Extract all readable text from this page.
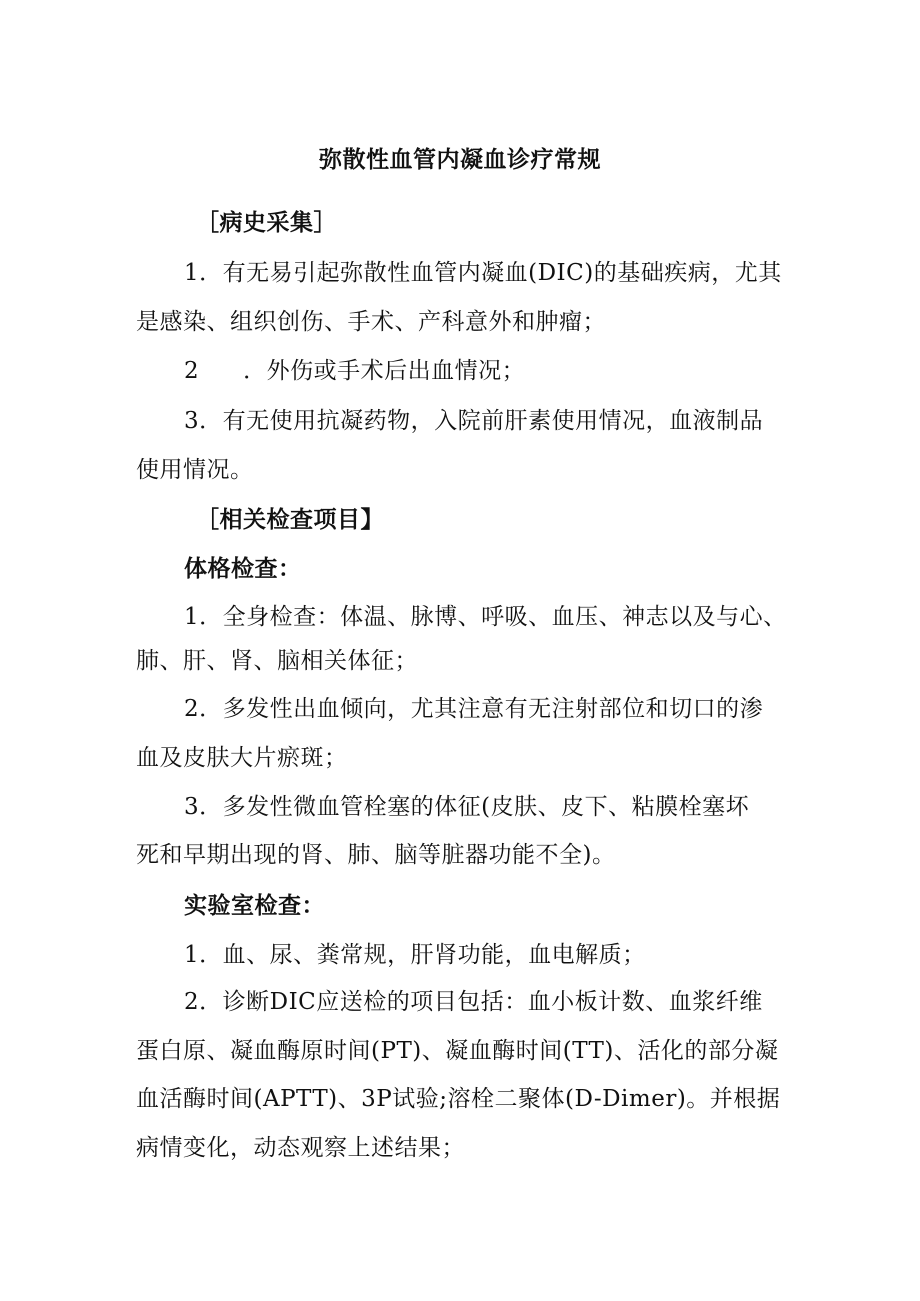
弥散性血管内凝血诊疗常规
［病史采集］
1．有无易引起弥散性血管内凝血(DIC)的基础疾病，尤其
是感染、组织创伤、手术、产科意外和肿瘤；
2 ．外伤或手术后出血情况；
3．有无使用抗凝药物，入院前肝素使用情况，血液制品
使用情况。
［相关检查项目】
体格检查：
1．全身检查：体温、脉博、呼吸、血压、神志以及与心、
肺、肝、肾、脑相关体征；
2．多发性出血倾向，尤其注意有无注射部位和切口的渗
血及皮肤大片瘀斑；
3．多发性微血管栓塞的体征(皮肤、皮下、粘膜栓塞坏
死和早期出现的肾、肺、脑等脏器功能不全)。
实验室检查：
1．血、尿、粪常规，肝肾功能，血电解质；
2．诊断DIC应送检的项目包括：血小板计数、血浆纤维
蛋白原、凝血酶原时间(PT)、凝血酶时间(TT)、活化的部分凝
血活酶时间(APTT)、3P试验;溶栓二聚体(D-Dimer)。并根据
病情变化，动态观察上述结果；
